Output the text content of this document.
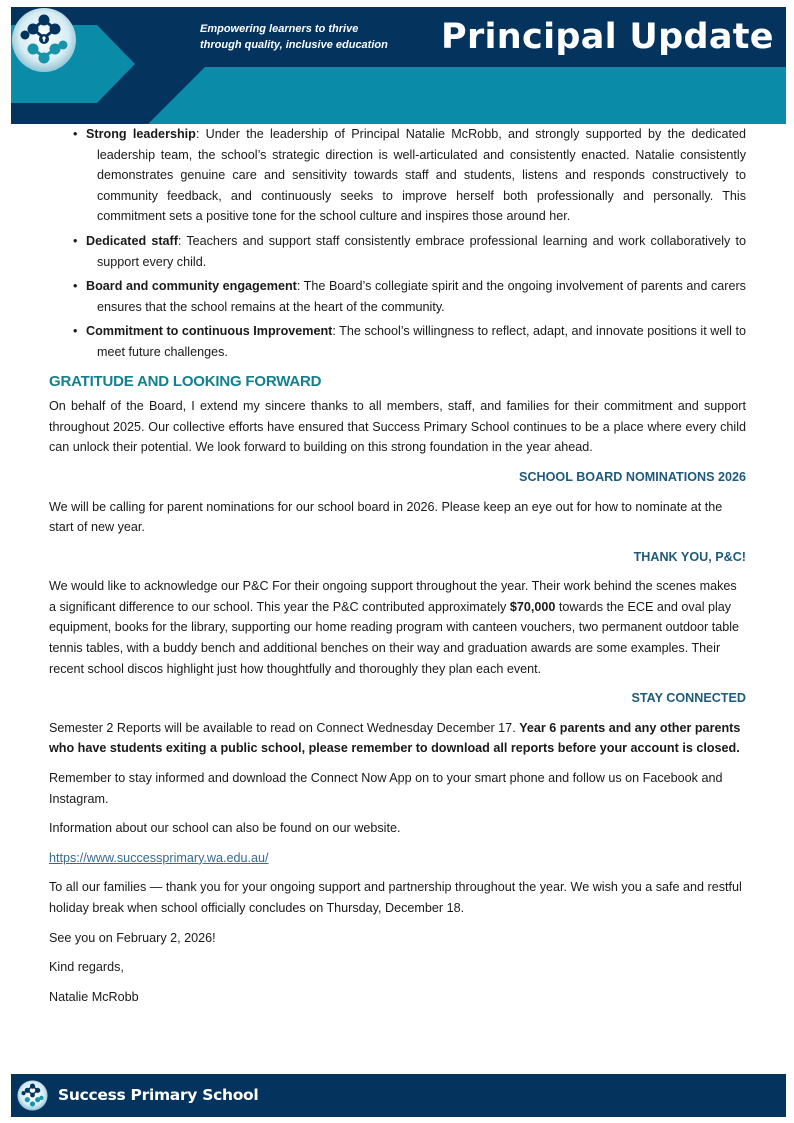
Empowering learners to thrive
through quality, inclusive education Principal Update
• Strong leadership: Under the leadership of Principal Natalie McRobb, and strongly supported by the dedicated leadership team, the school’s strategic direction is well-articulated and consistently enacted. Natalie consistently demonstrates genuine care and sensitivity towards staff and students, listens and responds constructively to community feedback, and continuously seeks to improve herself both professionally and personally. This commitment sets a positive tone for the school culture and inspires those around her.
• Dedicated staff: Teachers and support staff consistently embrace professional learning and work collaboratively to support every child.
• Board and community engagement: The Board’s collegiate spirit and the ongoing involvement of parents and carers ensures that the school remains at the heart of the community.
• Commitment to continuous Improvement: The school’s willingness to reflect, adapt, and innovate positions it well to meet future challenges.
GRATITUDE AND LOOKING FORWARD

On behalf of the Board, I extend my sincere thanks to all members, staff, and families for their commitment and support throughout 2025. Our collective efforts have ensured that Success Primary School continues to be a place where every child can unlock their potential. We look forward to building on this strong foundation in the year ahead.

SCHOOL BOARD NOMINATIONS 2026

We will be calling for parent nominations for our school board in 2026. Please keep an eye out for how to nominate at the start of new year.

THANK YOU, P&C!

We would like to acknowledge our P&C For their ongoing support throughout the year. Their work behind the scenes makes a significant difference to our school. This year the P&C contributed approximately $70,000 towards the ECE and oval play equipment, books for the library, supporting our home reading program with canteen vouchers, two permanent outdoor table tennis tables, with a buddy bench and additional benches on their way and graduation awards are some examples. Their recent school discos highlight just how thoughtfully and thoroughly they plan each event.

STAY CONNECTED

Semester 2 Reports will be available to read on Connect Wednesday December 17. Year 6 parents and any other parents who have students exiting a public school, please remember to download all reports before your account is closed.

Remember to stay informed and download the Connect Now App on to your smart phone and follow us on Facebook and Instagram.

Information about our school can also be found on our website.

https://www.successprimary.wa.edu.au/

To all our families — thank you for your ongoing support and partnership throughout the year. We wish you a safe and restful holiday break when school officially concludes on Thursday, December 18.

See you on February 2, 2026!

Kind regards,

Natalie McRobb

Success Primary School
